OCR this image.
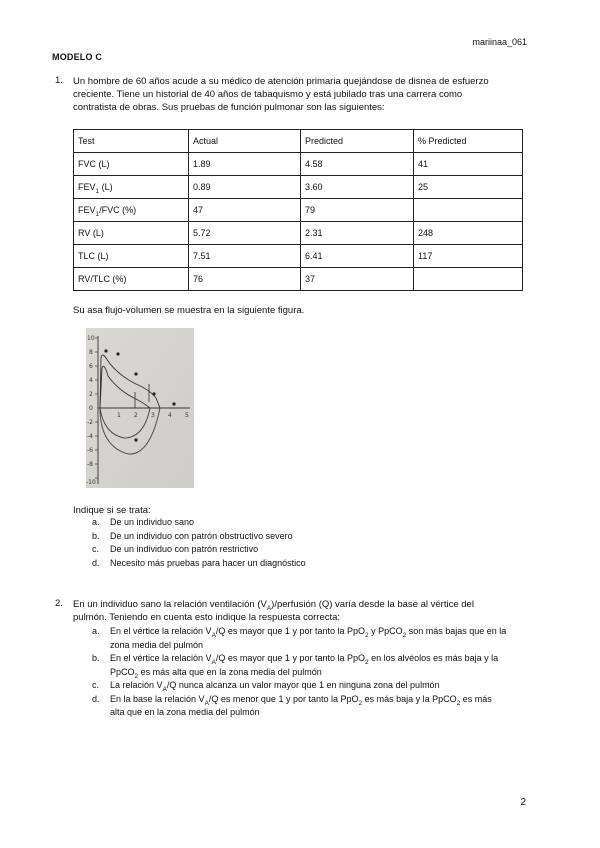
mariinaa_061
MODELO C
1. Un hombre de 60 años acude a su médico de atención primaria quejándose de disnea de esfuerzo
creciente. Tiene un historial de 40 años de tabaquismo y está jubilado tras una carrera como
contratista de obras. Sus pruebas de función pulmonar son las siguientes:
Test	Actual	Predicted	% Predicted
FVC (L)	1.89	4.58	41
$FEV_1$ (L)	0.89	3.60	25
$FEV_1$/FVC (%)	47	79	
RV (L)	5.72	2.31	248
TLC (L)	7.51	6.41	117
RV/TLC (%)	76	37	
Su asa flujo-volumen se muestra en la siguiente figura.
10
8
6
4
2
0
-2
-4
-6
-8
-10
1 2 3 4 5
Indique si se trata:
a. De un individuo sano
b. De un individuo con patrón obstructivo severo
c. De un individuo con patrón restrictivo
d. Necesito más pruebas para hacer un diagnóstico
2. En un individuo sano la relación ventilación $(V_A)$/perfusión (Q) varía desde la base al vértice del
pulmón. Teniendo en cuenta esto indique la respuesta correcta:
a. En el vértice la relación $V_A/Q$ es mayor que 1 y por tanto la PpO$_2$ y PpCO$_2$ son más bajas que en la
zona media del pulmón
b. En el vértice la relación $V_A/Q$ es mayor que 1 y por tanto la PpO$_2$ en los alvéolos es más baja y la
PpCO$_2$ es más alta que en la zona media del pulmón
c. La relación $V_A/Q$ nunca alcanza un valor mayor que 1 en ninguna zona del pulmón
d. En la base la relación $V_A/Q$ es menor que 1 y por tanto la PpO$_2$ es más baja y la PpCO$_2$ es más
alta que en la zona media del pulmón
2
